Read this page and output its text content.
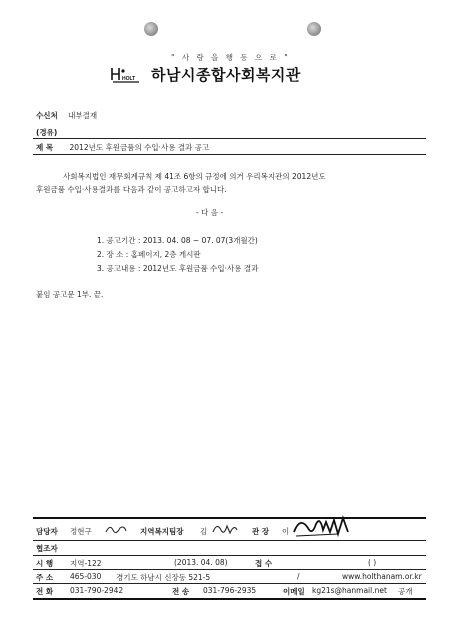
" 사 랑 을 행 동 으 로 "
HOLT 하남시종합사회복지관
수신처 내부결재
(경유)
제 목 2012년도 후원금품의 수입·사용 결과 공고
사회복지법인 재무회계규칙 제 41조 6항의 규정에 의거 우리복지관의 2012년도
후원금품 수입·사용결과를 다음과 같이 공고하고자 합니다.
- 다 음 -
1. 공고기간 : 2013. 04. 08 ~ 07. 07(3개월간)
2. 장 소 : 홈페이지, 2층 게시판
3. 공고내용 : 2012년도 후원금품 수입·사용 결과
붙임 공고문 1부. 끝.
담당자 정현구	지역복지팀장 김	관 장 이
협조자
시 행 지역-122	(2013. 04. 08)	접 수	( )
주 소 465-030 경기도 하남시 신장동 521-5	/	www.holthanam.or.kr
전 화 031-790-2942	전 송 031-796-2935	이메일 kg21s@hanmail.net 공개
